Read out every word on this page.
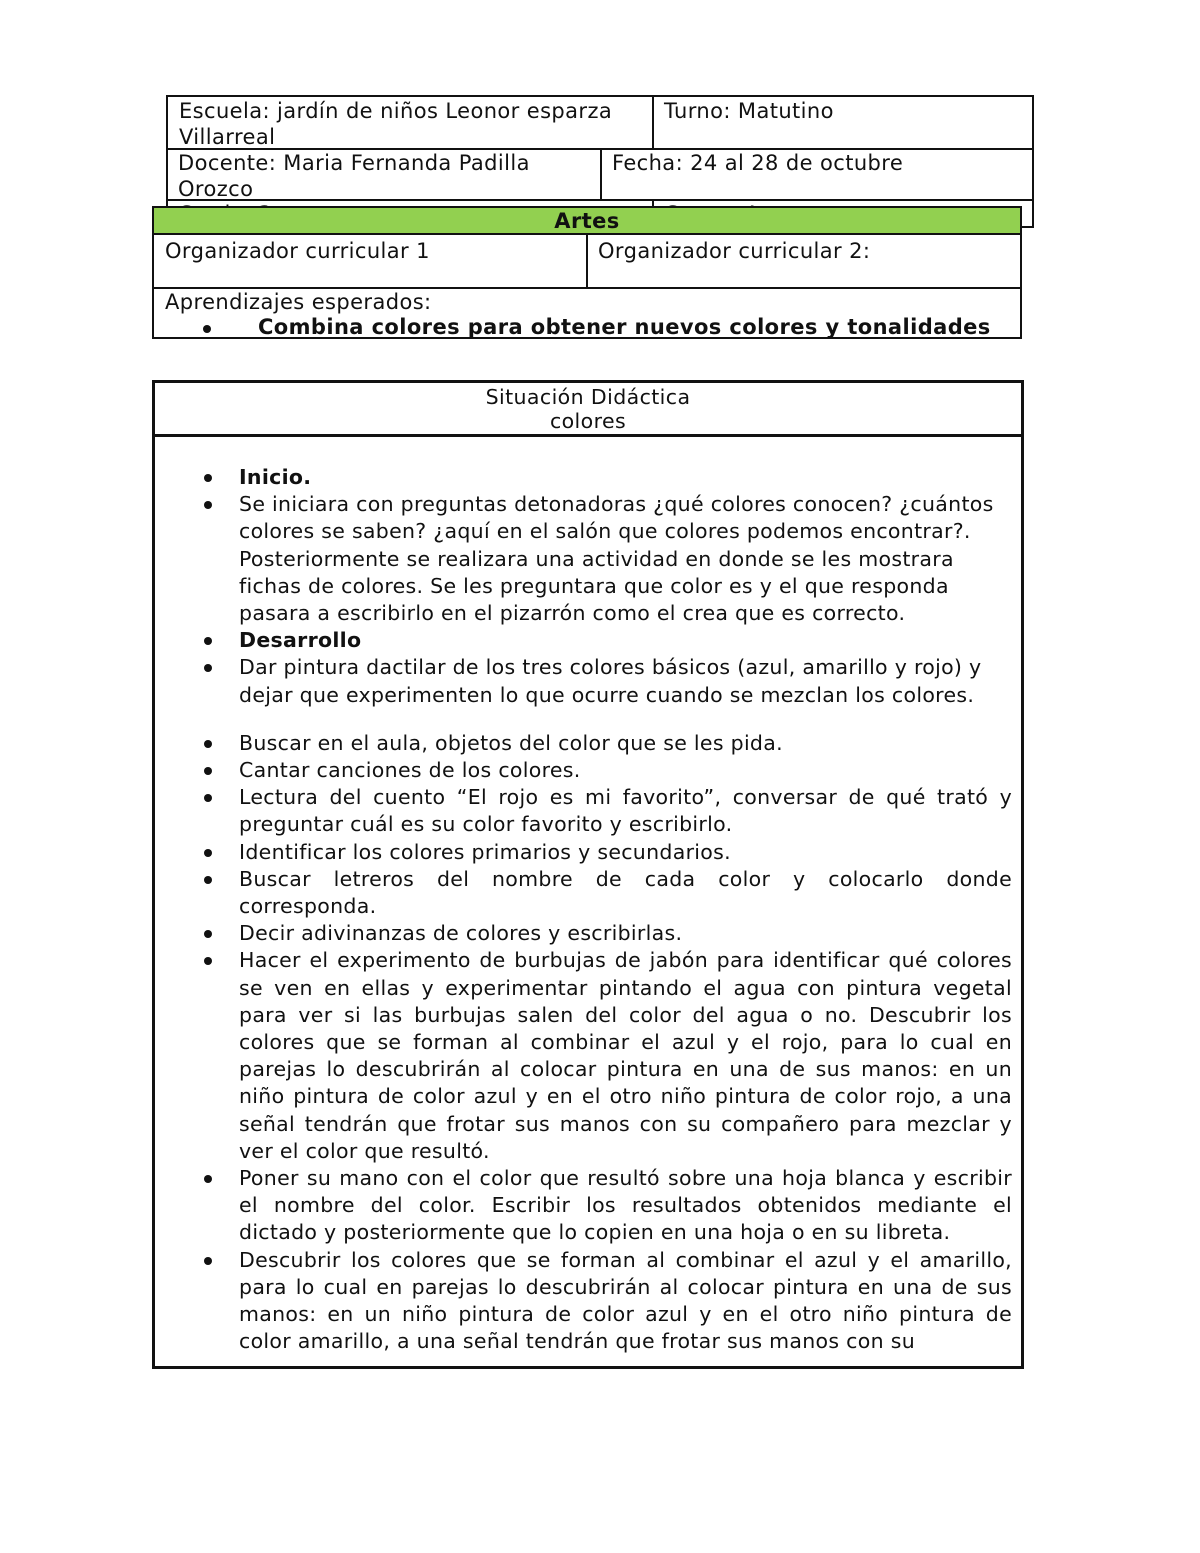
Escuela: jardín de niños Leonor esparza Villarreal
Turno: Matutino
Docente: Maria Fernanda Padilla Orozco
Fecha: 24 al 28 de octubre
Artes
Organizador curricular 1	Organizador curricular 2:
Aprendizajes esperados:
Combina colores para obtener nuevos colores y tonalidades
Situación Didáctica
colores
Inicio.
Se iniciara con preguntas detonadoras ¿qué colores conocen? ¿cuántos colores se saben? ¿aquí en el salón que colores podemos encontrar?. Posteriormente se realizara una actividad en donde se les mostrara fichas de colores. Se les preguntara que color es y el que responda pasara a escribirlo en el pizarrón como el crea que es correcto.
Desarrollo
Dar pintura dactilar de los tres colores básicos (azul, amarillo y rojo) y dejar que experimenten lo que ocurre cuando se mezclan los colores.
Buscar en el aula, objetos del color que se les pida.
Cantar canciones de los colores.
Lectura del cuento “El rojo es mi favorito”, conversar de qué trató y preguntar cuál es su color favorito y escribirlo.
Identificar los colores primarios y secundarios.
Buscar letreros del nombre de cada color y colocarlo donde corresponda.
Decir adivinanzas de colores y escribirlas.
Hacer el experimento de burbujas de jabón para identificar qué colores se ven en ellas y experimentar pintando el agua con pintura vegetal para ver si las burbujas salen del color del agua o no. Descubrir los colores que se forman al combinar el azul y el rojo, para lo cual en parejas lo descubrirán al colocar pintura en una de sus manos: en un niño pintura de color azul y en el otro niño pintura de color rojo, a una señal tendrán que frotar sus manos con su compañero para mezclar y ver el color que resultó.
Poner su mano con el color que resultó sobre una hoja blanca y escribir el nombre del color. Escribir los resultados obtenidos mediante el dictado y posteriormente que lo copien en una hoja o en su libreta.
Descubrir los colores que se forman al combinar el azul y el amarillo, para lo cual en parejas lo descubrirán al colocar pintura en una de sus manos: en un niño pintura de color azul y en el otro niño pintura de color amarillo, a una señal tendrán que frotar sus manos con su
